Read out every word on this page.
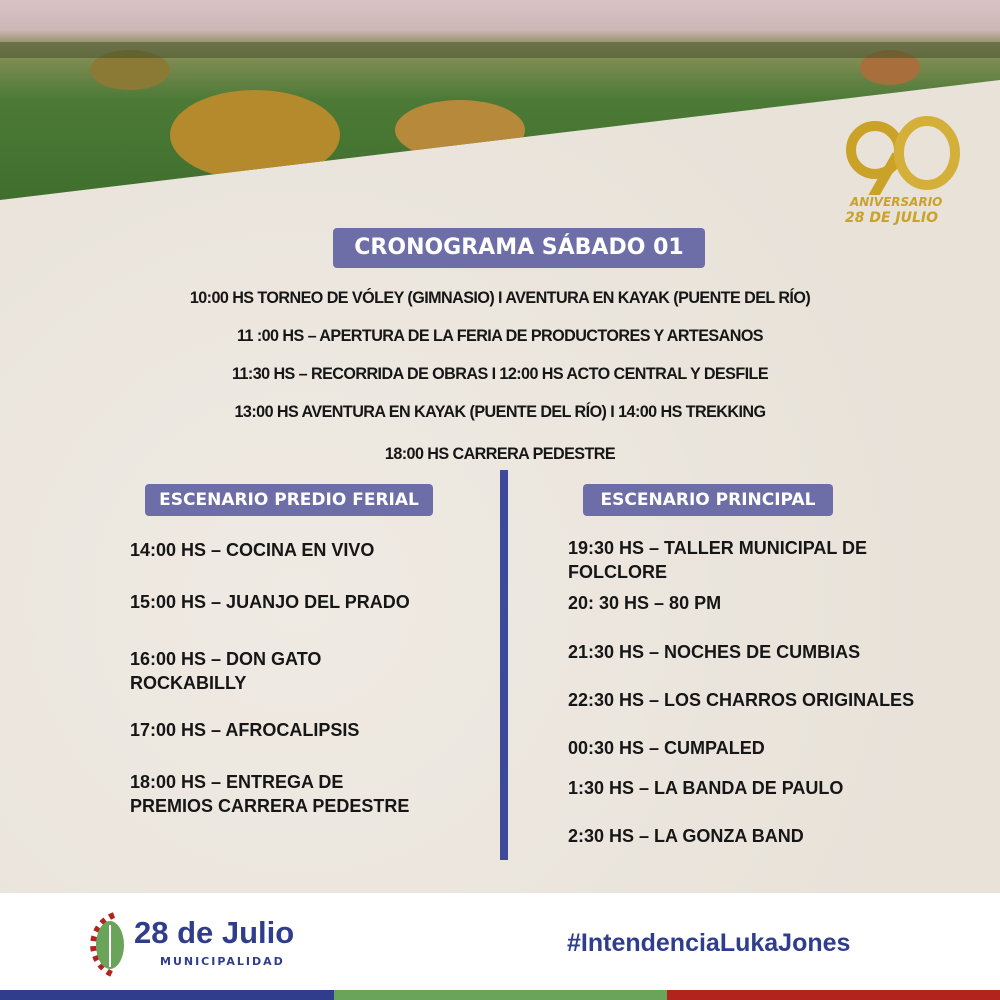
ANIVERSARIO
28 DE JULIO
CRONOGRAMA SÁBADO 01
10:00 HS TORNEO DE VÓLEY (GIMNASIO) I AVENTURA EN KAYAK (PUENTE DEL RÍO)
11 :00 HS – APERTURA DE LA FERIA DE PRODUCTORES Y ARTESANOS
11:30 HS – RECORRIDA DE OBRAS I 12:00 HS ACTO CENTRAL Y DESFILE
13:00 HS AVENTURA EN KAYAK (PUENTE DEL RÍO) I 14:00 HS TREKKING
18:00 HS CARRERA PEDESTRE
ESCENARIO PREDIO FERIAL	ESCENARIO PRINCIPAL
14:00 HS – COCINA EN VIVO
15:00 HS – JUANJO DEL PRADO
16:00 HS – DON GATO
ROCKABILLY
17:00 HS – AFROCALIPSIS
18:00 HS – ENTREGA DE
PREMIOS CARRERA PEDESTRE
19:30 HS – TALLER MUNICIPAL DE
FOLCLORE
20: 30 HS – 80 PM
21:30 HS – NOCHES DE CUMBIAS
22:30 HS – LOS CHARROS ORIGINALES
00:30 HS – CUMPALED
1:30 HS – LA BANDA DE PAULO
2:30 HS – LA GONZA BAND
28 de Julio
MUNICIPALIDAD
#IntendenciaLukaJones
